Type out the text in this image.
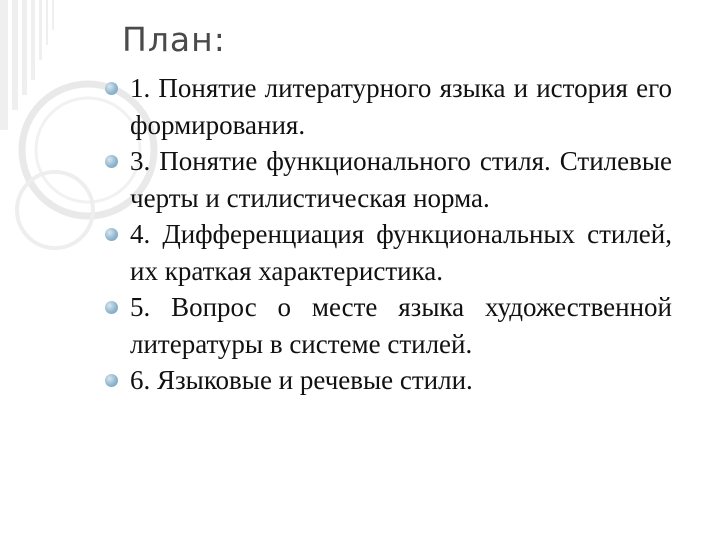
План:
1. Понятие литературного языка и история его формирования.
3. Понятие функционального стиля. Стилевые черты и стилистическая норма.
4. Дифференциация функциональных стилей, их краткая характеристика.
5. Вопрос о месте языка художественной литературы в системе стилей.
6. Языковые и речевые стили.
